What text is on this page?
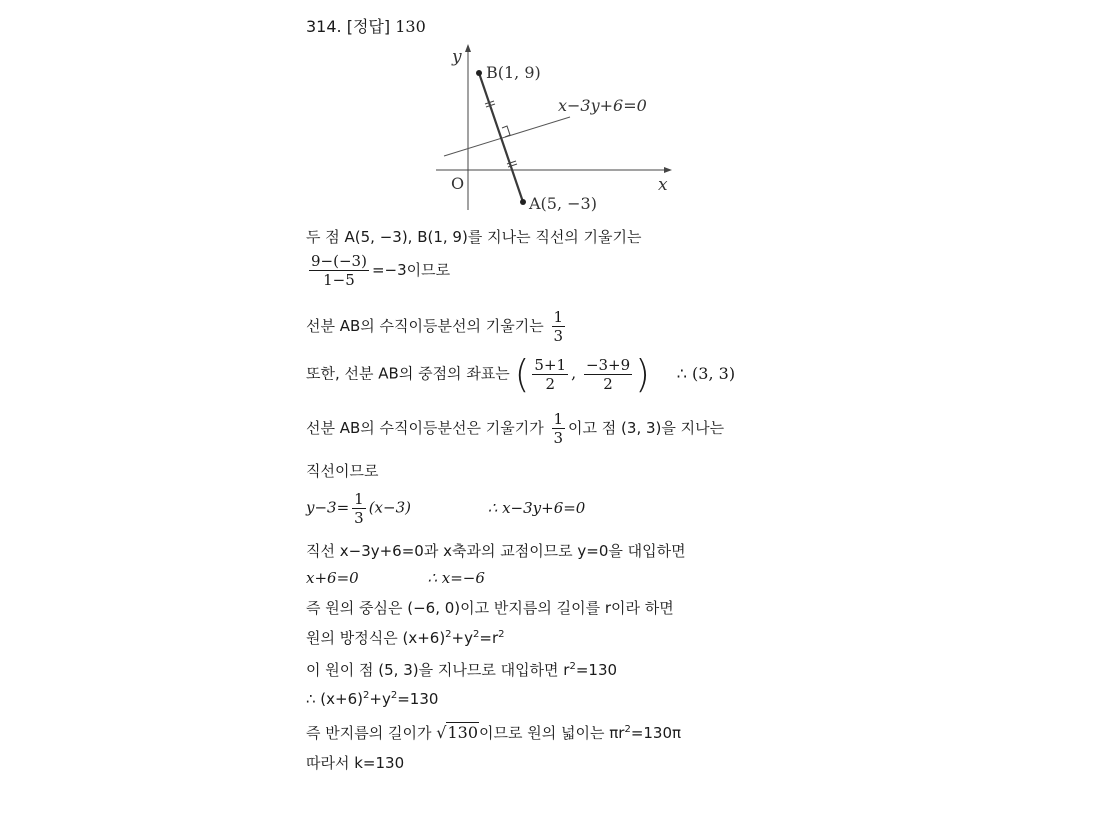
314. [정답] 130
y
x
O
B(1, 9)
A(5, −3)
x−3y+6=0
두 점 A(5, −3), B(1, 9)를 지나는 직선의 기울기는
$\frac{9-(-3)}{1-5} =-3$이므로
선분 AB의 수직이등분선의 기울기는 $\frac{1}{3}$
또한, 선분 AB의 중점의 좌표는 ( $\frac{5+1}{2}$ , $\frac{-3+9}{2}$ ) ∴ (3, 3)
선분 AB의 수직이등분선은 기울기가 $\frac{1}{3}$ 이고 점 (3, 3)을 지나는
직선이므로
$y-3= \frac{1}{3} (x-3)$	∴ x−3y+6=0
직선 x−3y+6=0과 x축과의 교점이므로 y=0을 대입하면
x+6=0	∴ x=−6
즉 원의 중심은 (−6, 0)이고 반지름의 길이를 r이라 하면
원의 방정식은 $(x+6)^2+y^2=r^2$
이 원이 점 (5, 3)을 지나므로 대입하면 $r^2=130$
∴ $(x+6)^2+y^2=130$
즉 반지름의 길이가 √130이므로 원의 넓이는 $\pi r^2=130\pi$
따라서 k=130
